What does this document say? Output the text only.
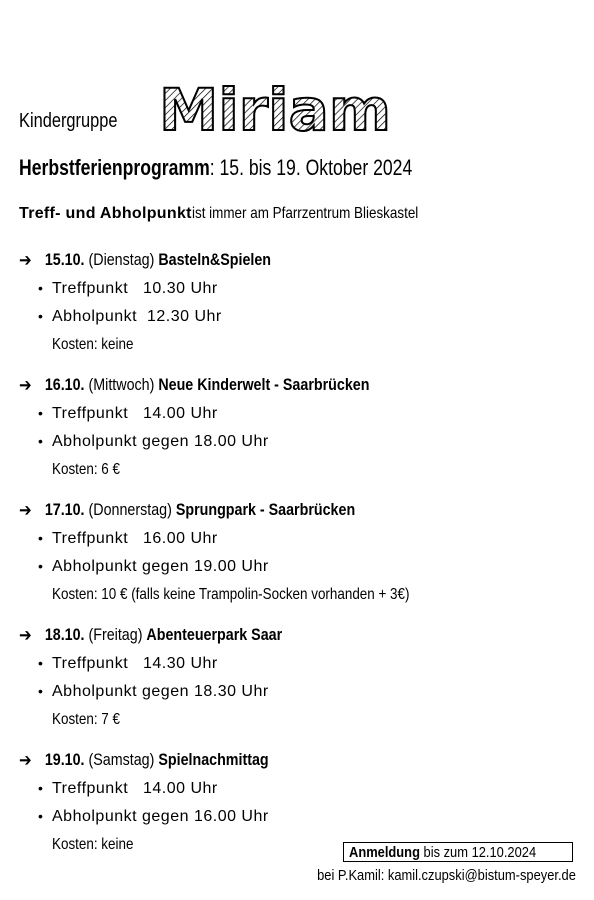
Kindergruppe Miriam
Herbstferienprogramm: 15. bis 19. Oktober 2024
Treff- und Abholpunktist immer am Pfarrzentrum Blieskastel
➔ 15.10. (Dienstag) Basteln&Spielen
• Treffpunkt   10.30 Uhr
• Abholpunkt  12.30 Uhr
Kosten: keine
➔ 16.10. (Mittwoch) Neue Kinderwelt - Saarbrücken
• Treffpunkt   14.00 Uhr
• Abholpunkt gegen 18.00 Uhr
Kosten: 6 €
➔ 17.10. (Donnerstag) Sprungpark - Saarbrücken
• Treffpunkt   16.00 Uhr
• Abholpunkt gegen 19.00 Uhr
Kosten: 10 € (falls keine Trampolin-Socken vorhanden + 3€)
➔ 18.10. (Freitag) Abenteuerpark Saar
• Treffpunkt   14.30 Uhr
• Abholpunkt gegen 18.30 Uhr
Kosten: 7 €
➔ 19.10. (Samstag) Spielnachmittag
• Treffpunkt   14.00 Uhr
• Abholpunkt gegen 16.00 Uhr
Kosten: keine	Anmeldung bis zum 12.10.2024
bei P.Kamil: kamil.czupski@bistum-speyer.de
